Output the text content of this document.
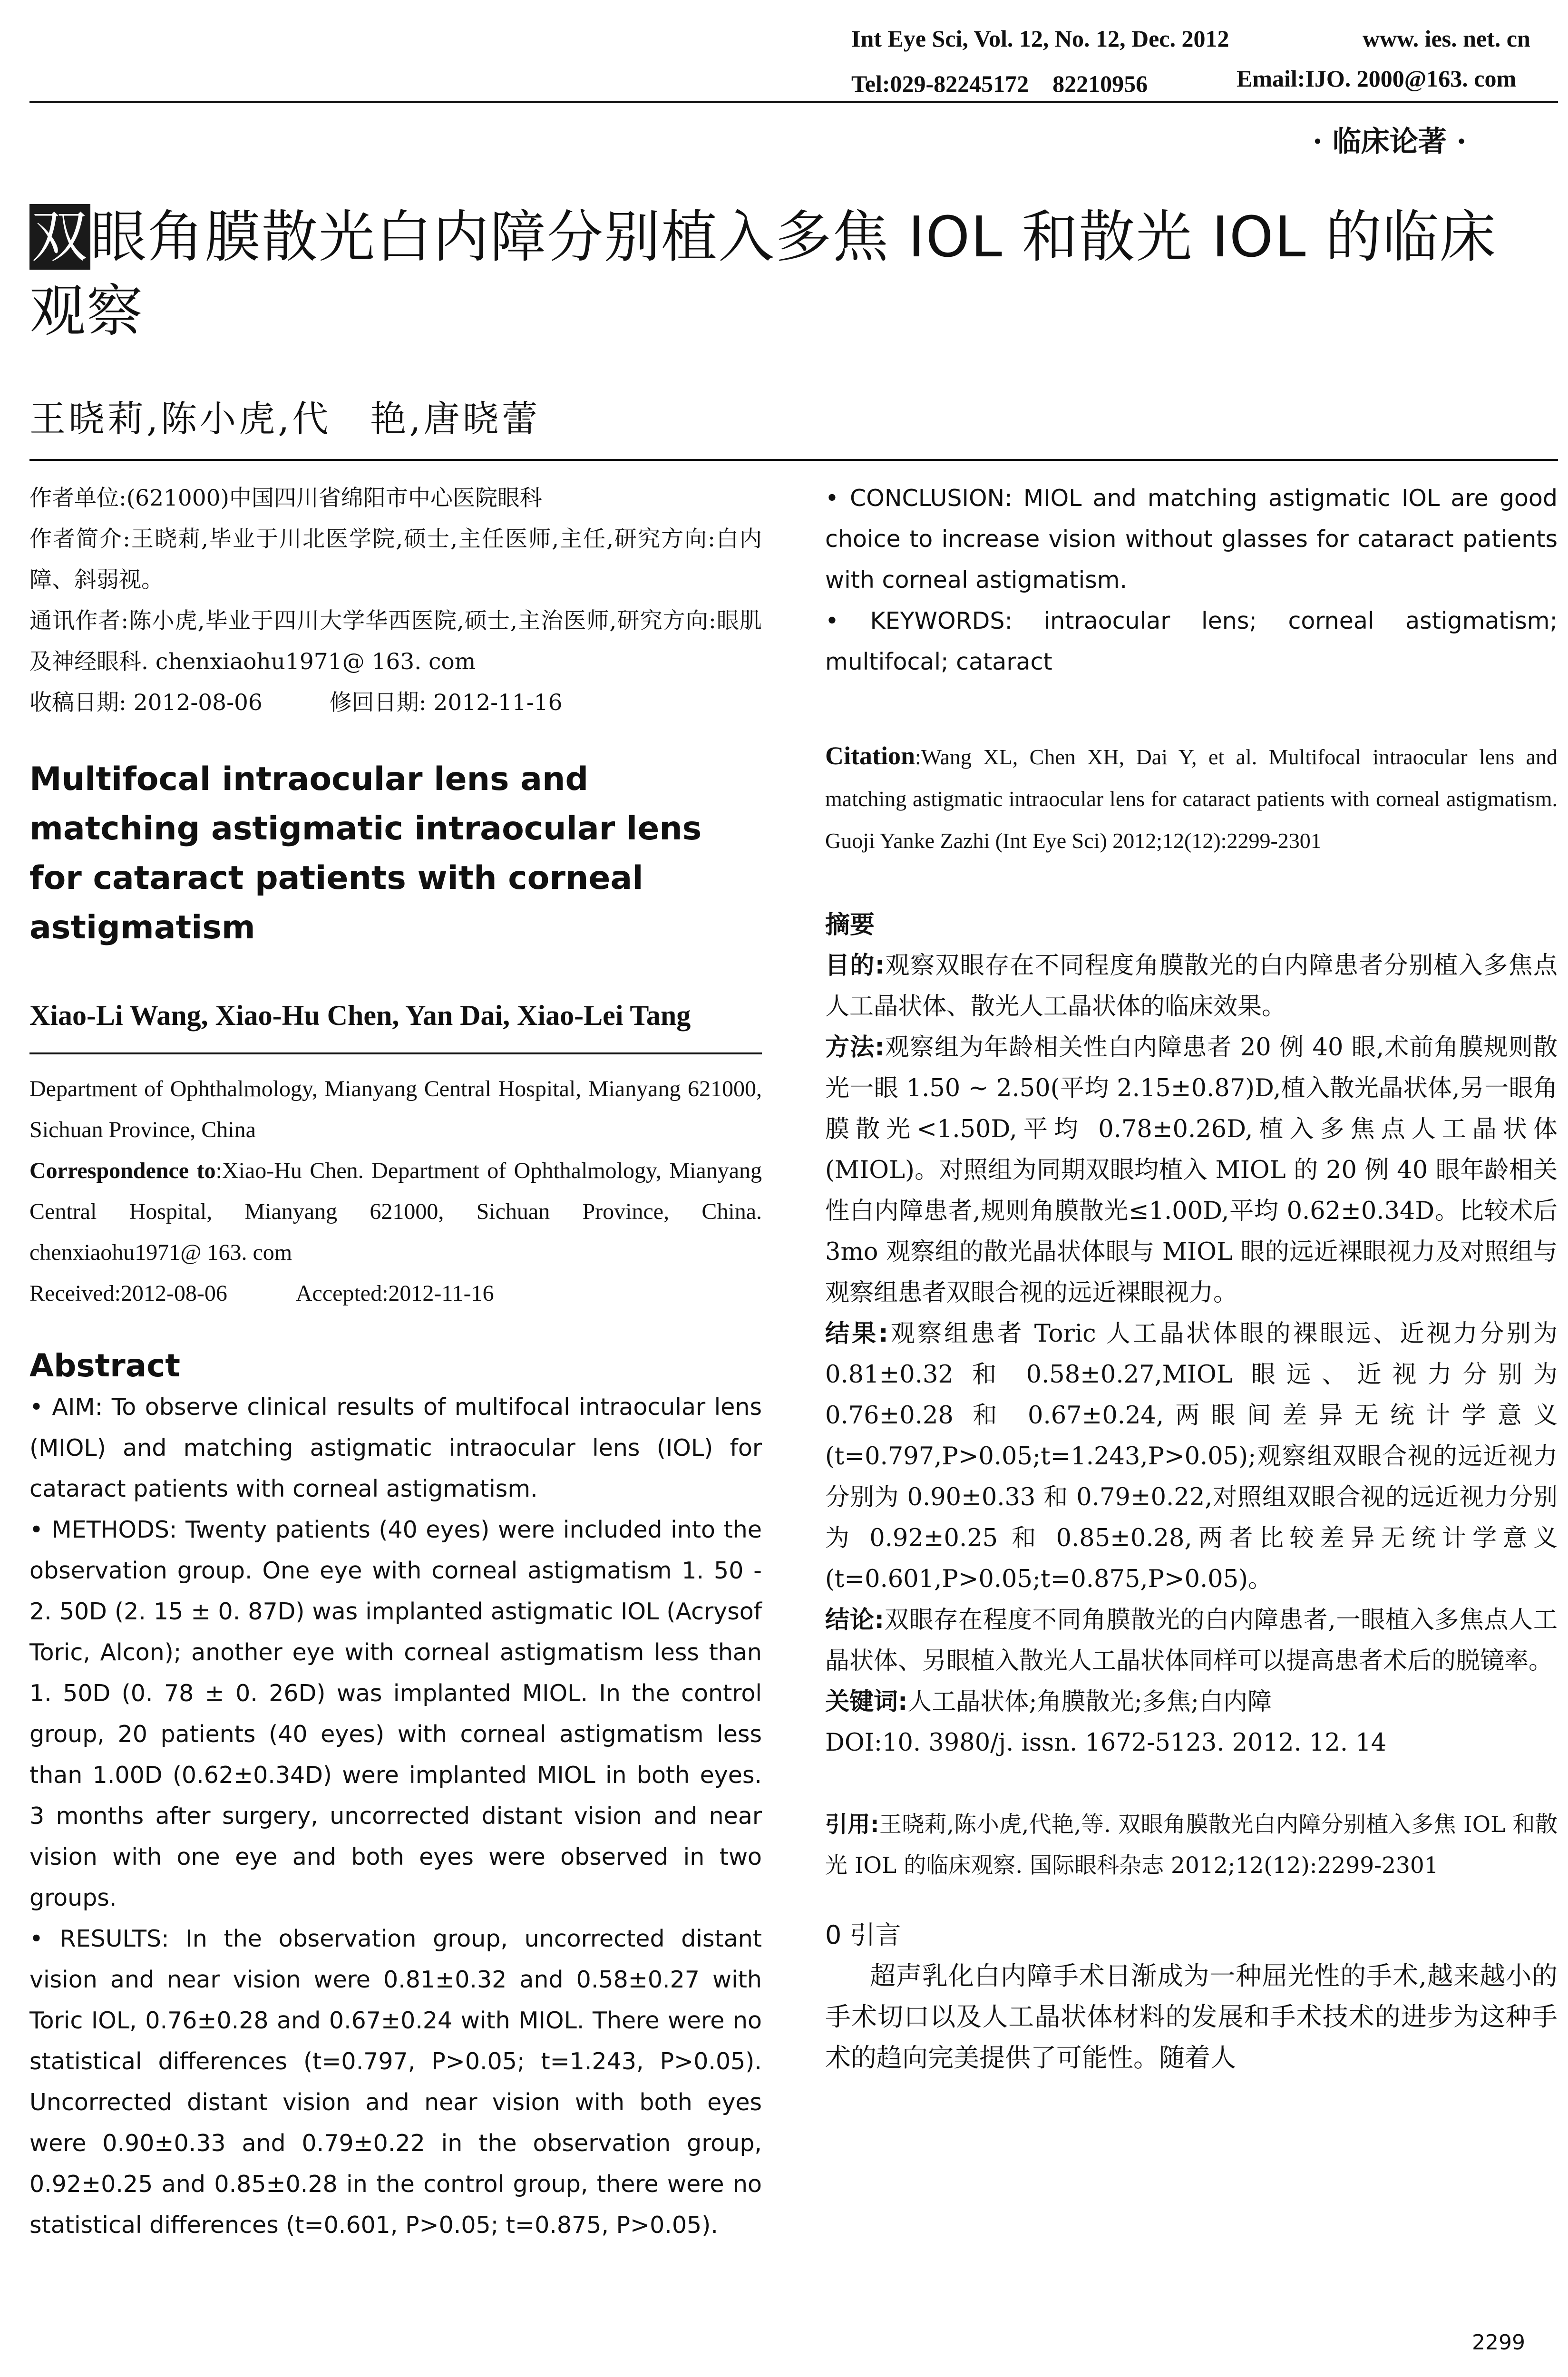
Int Eye Sci, Vol. 12, No. 12, Dec. 2012	www. ies. net. cn
Tel:029-82245172　82210956	Email:IJO. 2000@163. com
· 临床论著 ·
双眼角膜散光白内障分别植入多焦 IOL 和散光 IOL 的临床观察
王晓莉,陈小虎,代　艳,唐晓蕾

作者单位:(621000)中国四川省绵阳市中心医院眼科

作者简介:王晓莉,毕业于川北医学院,硕士,主任医师,主任,研究方向:白内障、斜弱视。

通讯作者:陈小虎,毕业于四川大学华西医院,硕士,主治医师,研究方向:眼肌及神经眼科. chenxiaohu1971@ 163. com

收稿日期: 2012-08-06　　　修回日期: 2012-11-16

Multifocal intraocular lens and matching astigmatic intraocular lens for cataract patients with corneal astigmatism

Xiao-Li Wang, Xiao-Hu Chen, Yan Dai, Xiao-Lei Tang

Department of Ophthalmology, Mianyang Central Hospital, Mianyang 621000, Sichuan Province, China

Correspondence to:Xiao-Hu Chen. Department of Ophthalmology, Mianyang Central Hospital, Mianyang 621000, Sichuan Province, China. chenxiaohu1971@ 163. com

Received:2012-08-06　　　Accepted:2012-11-16

Abstract

• AIM: To observe clinical results of multifocal intraocular lens (MIOL) and matching astigmatic intraocular lens (IOL) for cataract patients with corneal astigmatism.

• METHODS: Twenty patients (40 eyes) were included into the observation group. One eye with corneal astigmatism 1. 50 - 2. 50D (2. 15 ± 0. 87D) was implanted astigmatic IOL (Acrysof Toric, Alcon); another eye with corneal astigmatism less than 1. 50D (0. 78 ± 0. 26D) was implanted MIOL. In the control group, 20 patients (40 eyes) with corneal astigmatism less than 1.00D (0.62±0.34D) were implanted MIOL in both eyes. 3 months after surgery, uncorrected distant vision and near vision with one eye and both eyes were observed in two groups.

• RESULTS: In the observation group, uncorrected distant vision and near vision were 0.81±0.32 and 0.58±0.27 with Toric IOL, 0.76±0.28 and 0.67±0.24 with MIOL. There were no statistical differences (t=0.797, P>0.05; t=1.243, P>0.05). Uncorrected distant vision and near vision with both eyes were 0.90±0.33 and 0.79±0.22 in the observation group, 0.92±0.25 and 0.85±0.28 in the control group, there were no statistical differences (t=0.601, P>0.05; t=0.875, P>0.05).

• CONCLUSION: MIOL and matching astigmatic IOL are good choice to increase vision without glasses for cataract patients with corneal astigmatism.

• KEYWORDS: intraocular lens; corneal astigmatism; multifocal; cataract

Citation:Wang XL, Chen XH, Dai Y, et al. Multifocal intraocular lens and matching astigmatic intraocular lens for cataract patients with corneal astigmatism. Guoji Yanke Zazhi (Int Eye Sci) 2012;12(12):2299-2301

摘要

目的:观察双眼存在不同程度角膜散光的白内障患者分别植入多焦点人工晶状体、散光人工晶状体的临床效果。

方法:观察组为年龄相关性白内障患者 20 例 40 眼,术前角膜规则散光一眼 1.50 ~ 2.50(平均 2.15±0.87)D,植入散光晶状体,另一眼角膜散光<1.50D,平均 0.78±0.26D,植入多焦点人工晶状体(MIOL)。对照组为同期双眼均植入 MIOL 的 20 例 40 眼年龄相关性白内障患者,规则角膜散光≤1.00D,平均 0.62±0.34D。比较术后 3mo 观察组的散光晶状体眼与 MIOL 眼的远近裸眼视力及对照组与观察组患者双眼合视的远近裸眼视力。

结果:观察组患者 Toric 人工晶状体眼的裸眼远、近视力分别为 0.81±0.32 和 0.58±0.27,MIOL 眼远、近视力分别为 0.76±0.28 和 0.67±0.24,两眼间差异无统计学意义(t=0.797,P>0.05;t=1.243,P>0.05);观察组双眼合视的远近视力分别为 0.90±0.33 和 0.79±0.22,对照组双眼合视的远近视力分别为 0.92±0.25 和 0.85±0.28,两者比较差异无统计学意义(t=0.601,P>0.05;t=0.875,P>0.05)。

结论:双眼存在程度不同角膜散光的白内障患者,一眼植入多焦点人工晶状体、另眼植入散光人工晶状体同样可以提高患者术后的脱镜率。

关键词:人工晶状体;角膜散光;多焦;白内障

DOI:10. 3980/j. issn. 1672-5123. 2012. 12. 14

引用:王晓莉,陈小虎,代艳,等. 双眼角膜散光白内障分别植入多焦 IOL 和散光 IOL 的临床观察. 国际眼科杂志 2012;12(12):2299-2301

0 引言

超声乳化白内障手术日渐成为一种屈光性的手术,越来越小的手术切口以及人工晶状体材料的发展和手术技术的进步为这种手术的趋向完美提供了可能性。随着人

2299
